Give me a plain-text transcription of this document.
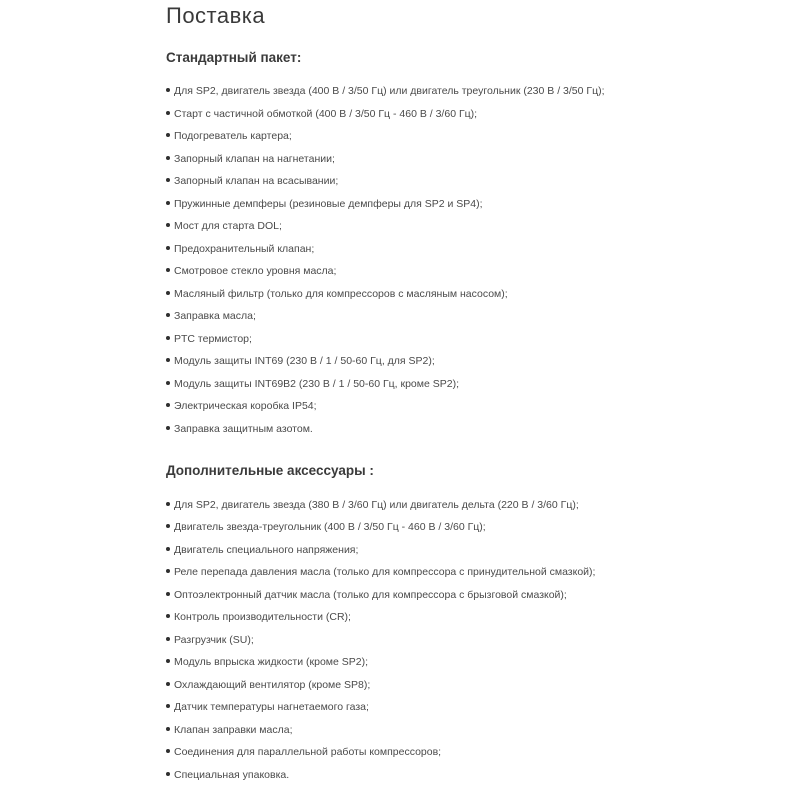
Поставка
Стандартный пакет:
Для SP2, двигатель звезда (400 В / 3/50 Гц) или двигатель треугольник (230 В / 3/50 Гц);
Старт с частичной обмоткой (400 В / 3/50 Гц - 460 В / 3/60 Гц);
Подогреватель картера;
Запорный клапан на нагнетании;
Запорный клапан на всасывании;
Пружинные демпферы (резиновые демпферы для SP2 и SP4);
Мост для старта DOL;
Предохранительный клапан;
Смотровое стекло уровня масла;
Масляный фильтр (только для компрессоров с масляным насосом);
Заправка масла;
PTC термистор;
Модуль защиты INT69 (230 В / 1 / 50-60 Гц, для SP2);
Модуль защиты INT69B2 (230 В / 1 / 50-60 Гц, кроме SP2);
Электрическая коробка IP54;
Заправка защитным азотом.
Дополнительные аксессуары :
Для SP2, двигатель звезда (380 В / 3/60 Гц) или двигатель дельта (220 В / 3/60 Гц);
Двигатель звезда-треугольник (400 В / 3/50 Гц - 460 В / 3/60 Гц);
Двигатель специального напряжения;
Реле перепада давления масла (только для компрессора с принудительной смазкой);
Оптоэлектронный датчик масла (только для компрессора с брызговой смазкой);
Контроль производительности (CR);
Разгрузчик (SU);
Модуль впрыска жидкости (кроме SP2);
Охлаждающий вентилятор (кроме SP8);
Датчик температуры нагнетаемого газа;
Клапан заправки масла;
Соединения для параллельной работы компрессоров;
Специальная упаковка.
